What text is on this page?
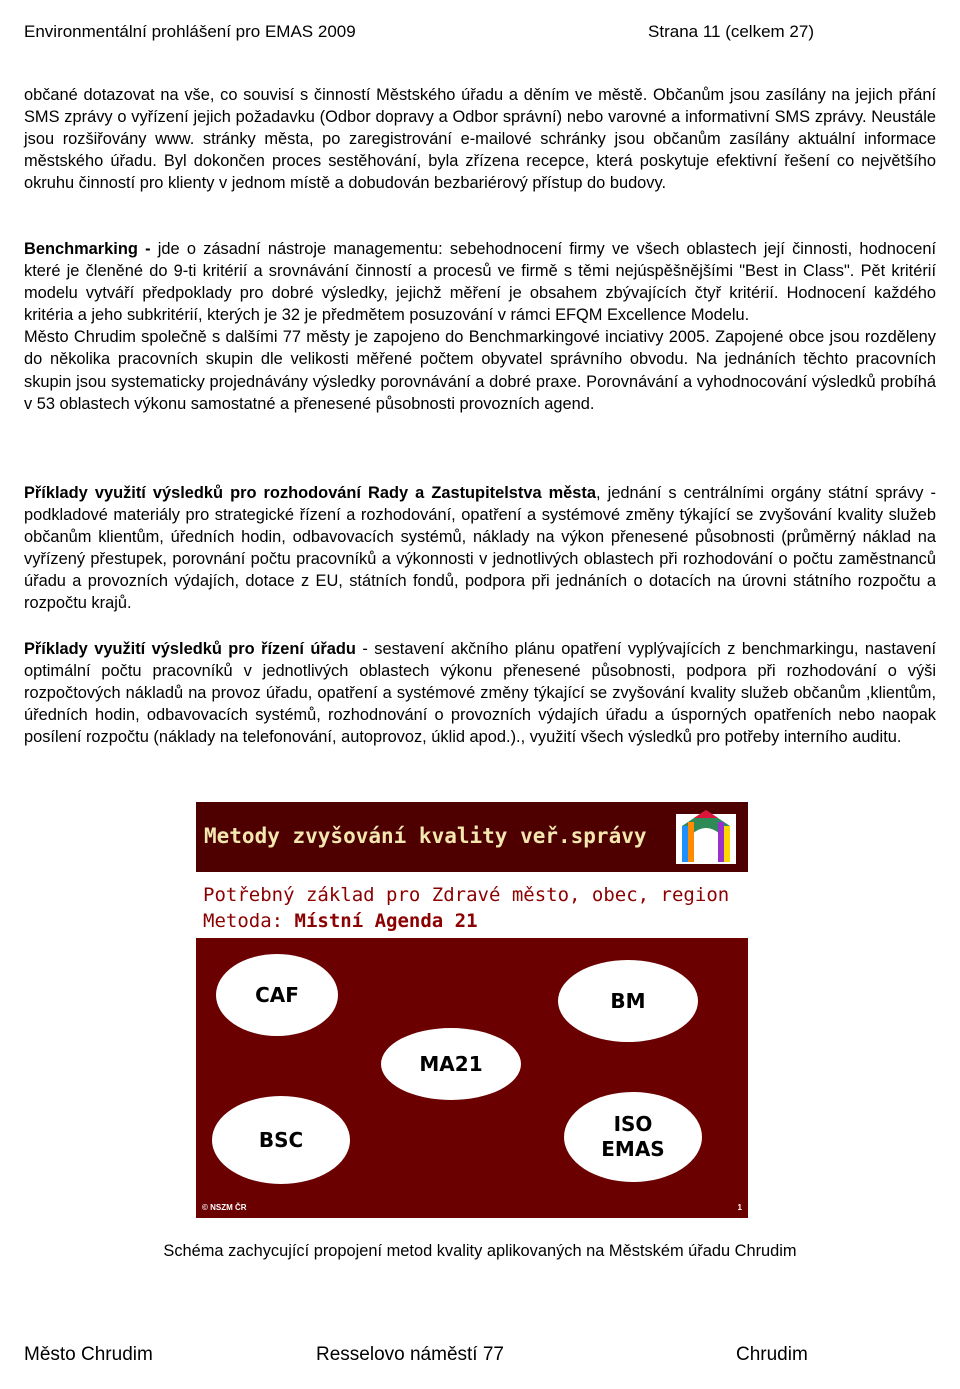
Environmentální prohlášení pro EMAS 2009	Strana 11 (celkem 27)

občané dotazovat na vše, co souvisí s činností Městského úřadu a děním ve městě. Občanům jsou zasílány na jejich přání SMS zprávy o vyřízení jejich požadavku (Odbor dopravy a Odbor správní) nebo varovné a informativní SMS zprávy. Neustále jsou rozšiřovány www. stránky města, po zaregistrování e-mailové schránky jsou občanům zasílány aktuální informace městského úřadu. Byl dokončen proces sestěhování, byla zřízena recepce, která poskytuje efektivní řešení co největšího okruhu činností pro klienty v jednom místě a dobudován bezbariérový přístup do budovy.

Benchmarking - jde o zásadní nástroje managementu: sebehodnocení firmy ve všech oblastech její činnosti, hodnocení které je členěné do 9-ti kritérií a srovnávání činností a procesů ve firmě s těmi nejúspěšnějšími "Best in Class". Pět kritérií modelu vytváří předpoklady pro dobré výsledky, jejichž měření je obsahem zbývajících čtyř kritérií. Hodnocení každého kritéria a jeho subkritérií, kterých je 32 je předmětem posuzování v rámci EFQM Excellence Modelu.

Město Chrudim společně s dalšími 77 městy je zapojeno do Benchmarkingové inciativy 2005. Zapojené obce jsou rozděleny do několika pracovních skupin dle velikosti měřené počtem obyvatel správního obvodu. Na jednáních těchto pracovních skupin jsou systematicky projednávány výsledky porovnávání a dobré praxe. Porovnávání a vyhodnocování výsledků probíhá v 53 oblastech výkonu samostatné a přenesené působnosti provozních agend.

Příklady využití výsledků pro rozhodování Rady a Zastupitelstva města, jednání s centrálními orgány státní správy - podkladové materiály pro strategické řízení a rozhodování, opatření a systémové změny týkající se zvyšování kvality služeb občanům klientům, úředních hodin, odbavovacích systémů, náklady na výkon přenesené působnosti (průměrný náklad na vyřízený přestupek, porovnání počtu pracovníků a výkonnosti v jednotlivých oblastech při rozhodování o počtu zaměstnanců úřadu a provozních výdajích, dotace z EU, státních fondů, podpora při jednáních o dotacích na úrovni státního rozpočtu a rozpočtu krajů.

Příklady využití výsledků pro řízení úřadu - sestavení akčního plánu opatření vyplývajících z benchmarkingu, nastavení optimální počtu pracovníků v jednotlivých oblastech výkonu přenesené působnosti, podpora při rozhodování o výši rozpočtových nákladů na provoz úřadu, opatření a systémové změny týkající se zvyšování kvality služeb občanům ,klientům, úředních hodin, odbavovacích systémů, rozhodnování o provozních výdajích úřadu a úsporných opatřeních nebo naopak posílení rozpočtu (náklady na telefonování, autoprovoz, úklid apod.)., využití všech výsledků pro potřeby interního auditu.

Metody zvyšování kvality veř.správy
Potřebný základ pro Zdravé město, obec, region
Metoda: Místní Agenda 21
CAF	BM
MA21
BSC
ISO
EMAS
© NSZM ČR	1
Schéma zachycující propojení metod kvality aplikovaných na Městském úřadu Chrudim
Město Chrudim	Resselovo náměstí 77	Chrudim
